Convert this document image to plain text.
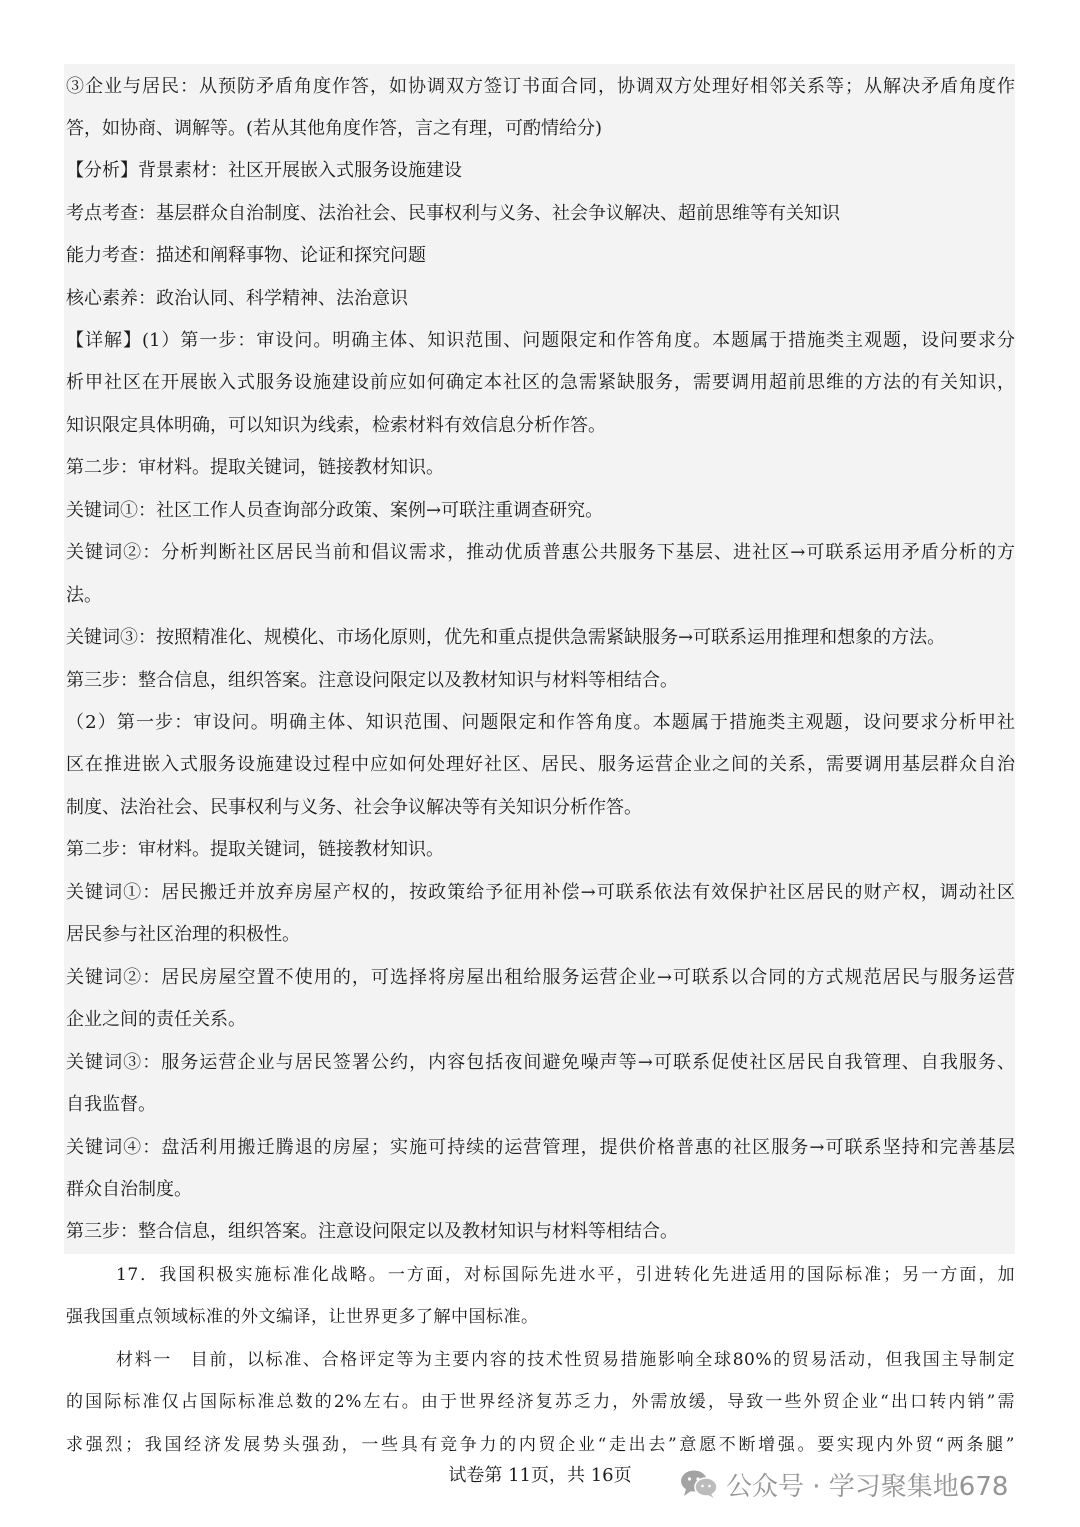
③企业与居民：从预防矛盾角度作答，如协调双方签订书面合同，协调双方处理好相邻关系等；从解决矛盾角度作
答，如协商、调解等。(若从其他角度作答，言之有理，可酌情给分)
【分析】背景素材：社区开展嵌入式服务设施建设
考点考查：基层群众自治制度、法治社会、民事权利与义务、社会争议解决、超前思维等有关知识
能力考查：描述和阐释事物、论证和探究问题
核心素养：政治认同、科学精神、法治意识
【详解】(1）第一步：审设问。明确主体、知识范围、问题限定和作答角度。本题属于措施类主观题，设问要求分
析甲社区在开展嵌入式服务设施建设前应如何确定本社区的急需紧缺服务，需要调用超前思维的方法的有关知识，
知识限定具体明确，可以知识为线索，检索材料有效信息分析作答。
第二步：审材料。提取关键词，链接教材知识。
关键词①：社区工作人员查询部分政策、案例→可联注重调查研究。
关键词②：分析判断社区居民当前和倡议需求，推动优质普惠公共服务下基层、进社区→可联系运用矛盾分析的方
法。
关键词③：按照精准化、规模化、市场化原则，优先和重点提供急需紧缺服务→可联系运用推理和想象的方法。
第三步：整合信息，组织答案。注意设问限定以及教材知识与材料等相结合。
（2）第一步：审设问。明确主体、知识范围、问题限定和作答角度。本题属于措施类主观题，设问要求分析甲社
区在推进嵌入式服务设施建设过程中应如何处理好社区、居民、服务运营企业之间的关系，需要调用基层群众自治
制度、法治社会、民事权利与义务、社会争议解决等有关知识分析作答。
第二步：审材料。提取关键词，链接教材知识。
关键词①：居民搬迁并放弃房屋产权的，按政策给予征用补偿→可联系依法有效保护社区居民的财产权，调动社区
居民参与社区治理的积极性。
关键词②：居民房屋空置不使用的，可选择将房屋出租给服务运营企业→可联系以合同的方式规范居民与服务运营
企业之间的责任关系。
关键词③：服务运营企业与居民签署公约，内容包括夜间避免噪声等→可联系促使社区居民自我管理、自我服务、
自我监督。
关键词④：盘活利用搬迁腾退的房屋；实施可持续的运营管理，提供价格普惠的社区服务→可联系坚持和完善基层
群众自治制度。
第三步：整合信息，组织答案。注意设问限定以及教材知识与材料等相结合。
17．我国积极实施标准化战略。一方面，对标国际先进水平，引进转化先进适用的国际标准；另一方面，加
强我国重点领域标准的外文编译，让世界更多了解中国标准。
材料一　目前，以标准、合格评定等为主要内容的技术性贸易措施影响全球80%的贸易活动，但我国主导制定
的国际标准仅占国际标准总数的2%左右。由于世界经济复苏乏力，外需放缓，导致一些外贸企业“出口转内销”需
求强烈；我国经济发展势头强劲，一些具有竞争力的内贸企业“走出去”意愿不断增强。要实现内外贸“两条腿”
试卷第 11页，共 16页	公众号 · 学习聚集地678
